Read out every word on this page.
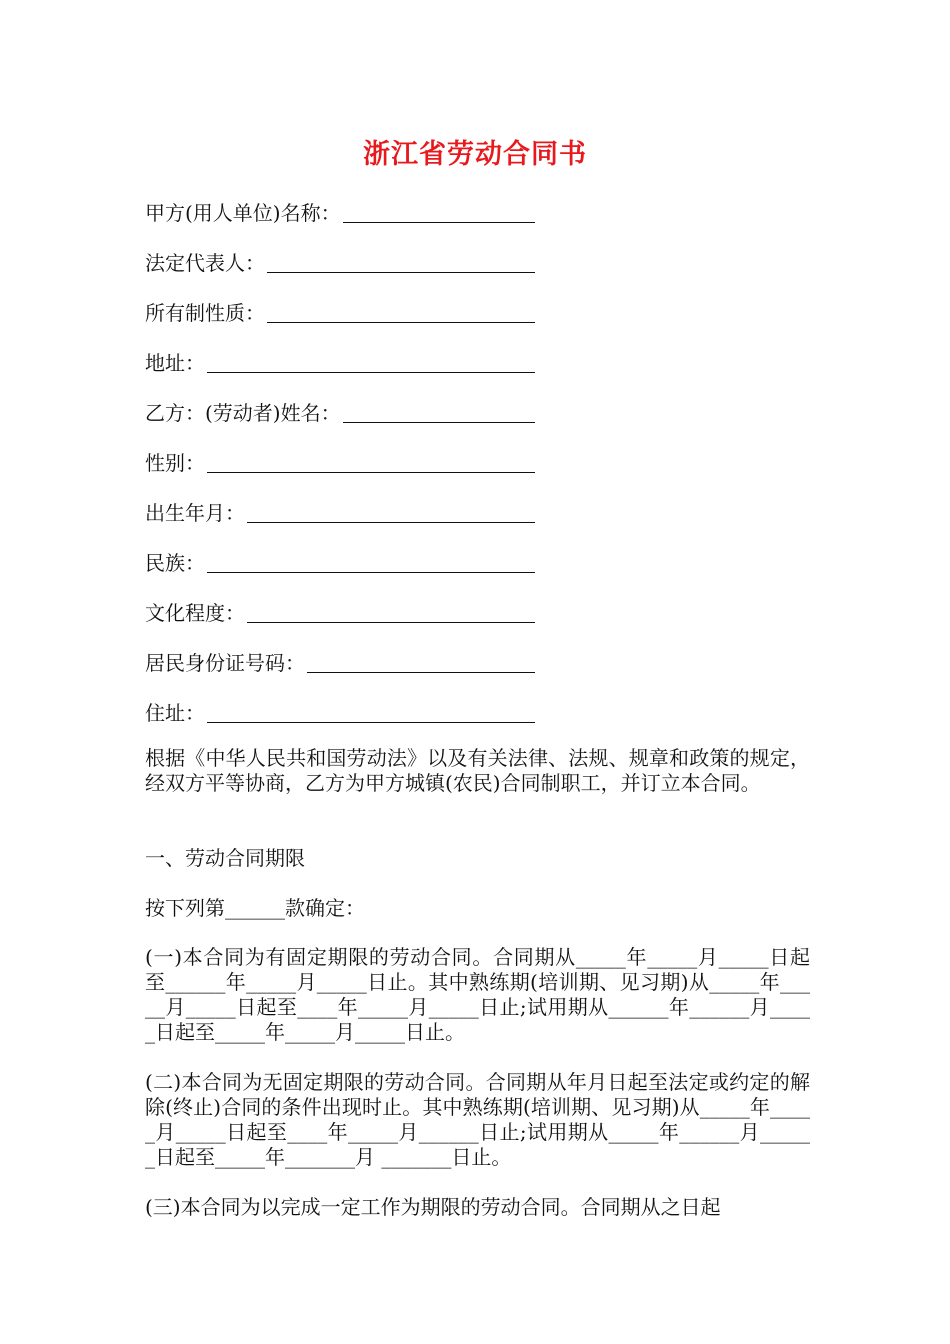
浙江省劳动合同书
甲方(用人单位)名称：
法定代表人：
所有制性质：
地址：
乙方：(劳动者)姓名：
性别：
出生年月：
民族：
文化程度：
居民身份证号码：
住址：

根据《中华人民共和国劳动法》以及有关法律、法规、规章和政策的规定，经双方平等协商，乙方为甲方城镇(农民)合同制职工，并订立本合同。

一、劳动合同期限

按下列第______款确定：

(一)本合同为有固定期限的劳动合同。合同期从_____年_____月_____日起至______年_____月_____日止。其中熟练期(培训期、见习期)从_____年_____月_____日起至____年_____月_____日止;试用期从______年______月_____日起至_____年_____月_____日止。

(二)本合同为无固定期限的劳动合同。合同期从年月日起至法定或约定的解除(终止)合同的条件出现时止。其中熟练期(培训期、见习期)从_____年_____月_____日起至____年_____月______日止;试用期从_____年______月______日起至_____年_______月 _______日止。

(三)本合同为以完成一定工作为期限的劳动合同。合同期从之日起
